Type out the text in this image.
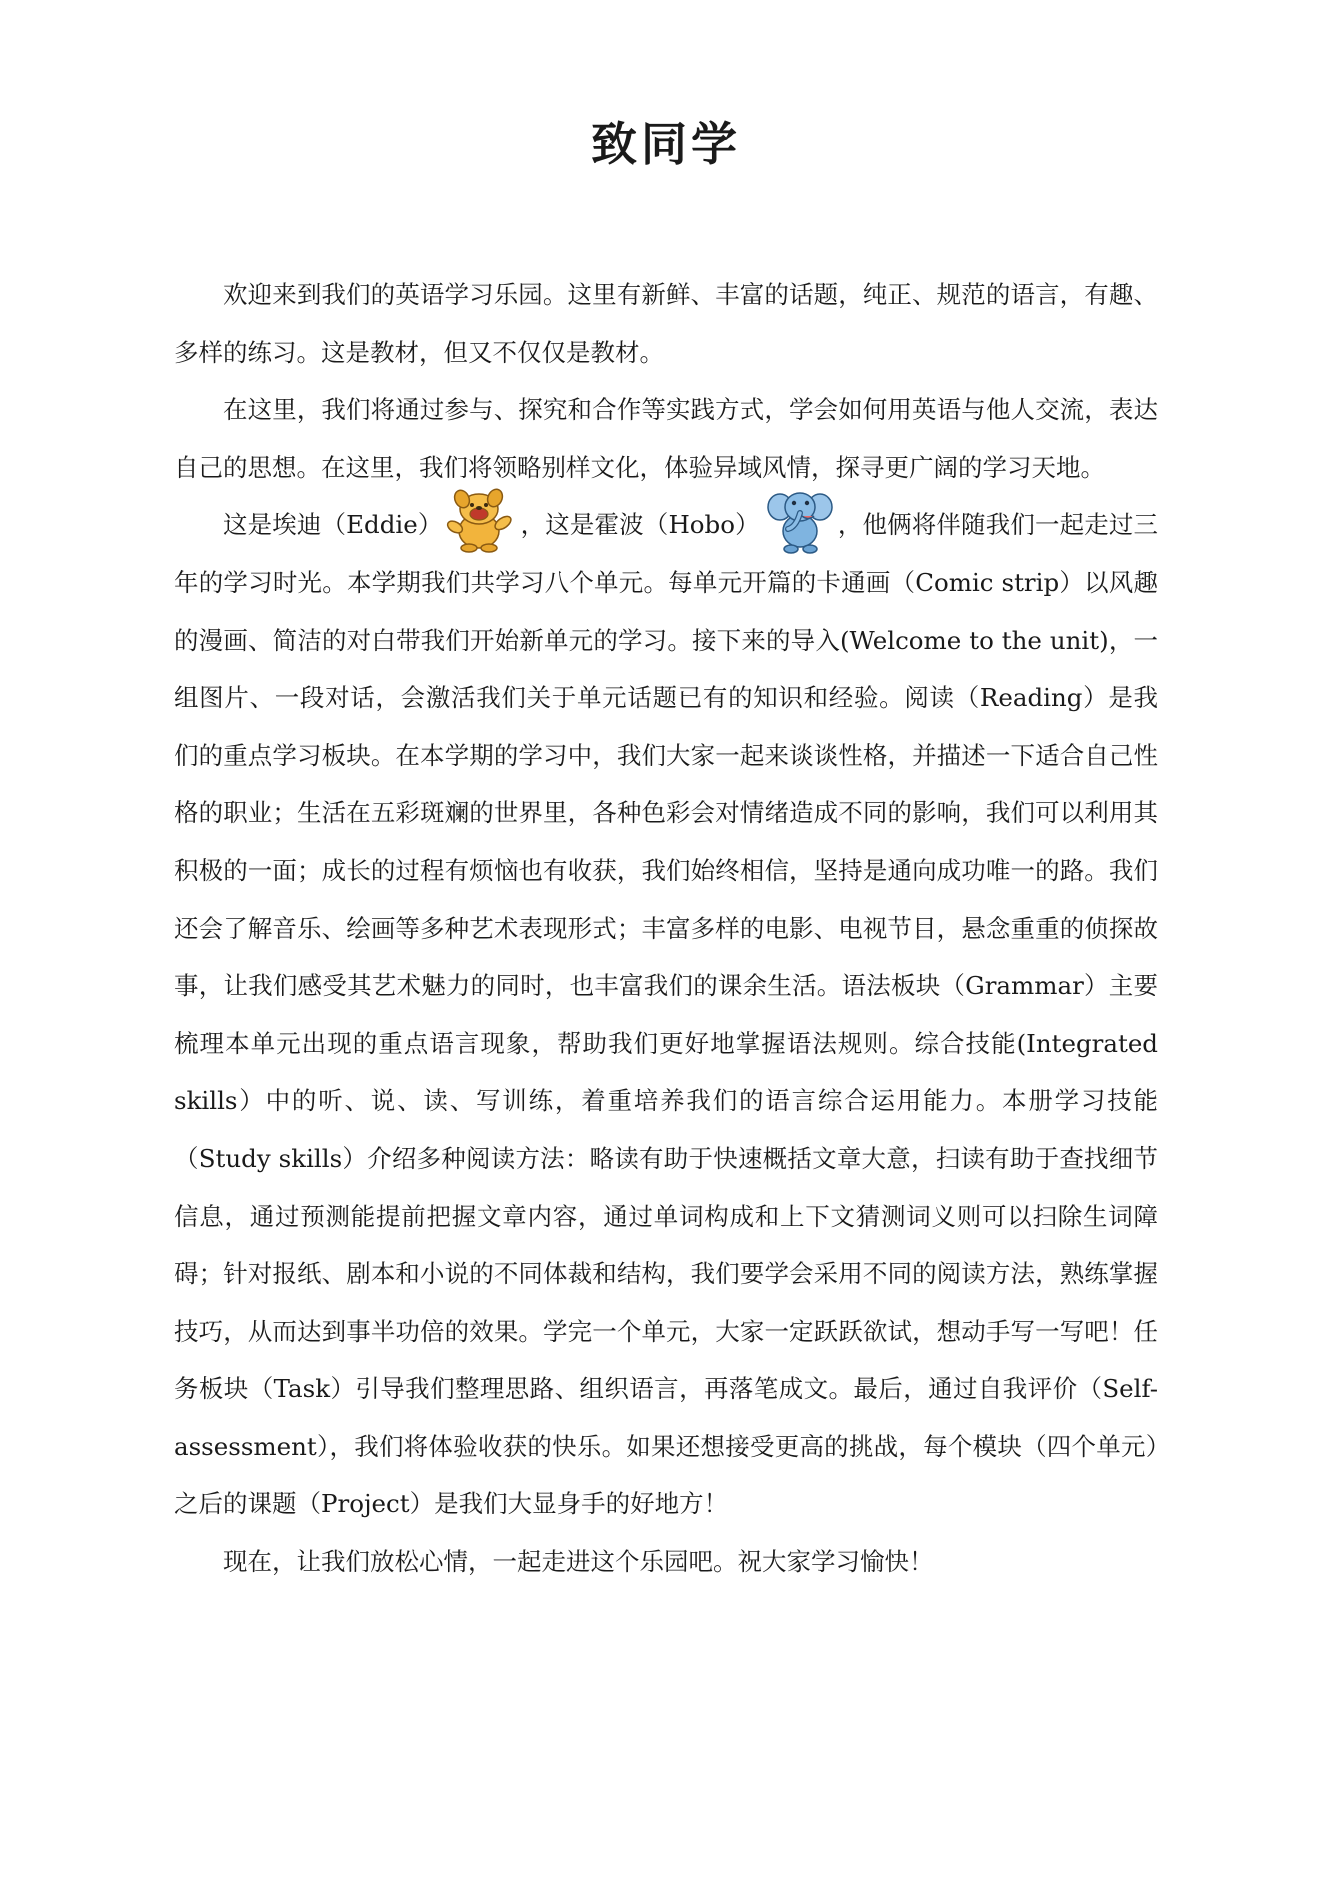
致同学

欢迎来到我们的英语学习乐园。这里有新鲜、丰富的话题，纯正、规范的语言，有趣、多样的练习。这是教材，但又不仅仅是教材。

在这里，我们将通过参与、探究和合作等实践方式，学会如何用英语与他人交流，表达自己的思想。在这里，我们将领略别样文化，体验异域风情，探寻更广阔的学习天地。

这是埃迪（Eddie）	，这是霍波（Hobo）	，他俩将伴随我们一起走过三年的学习时光。本学期我们共学习八个单元。每单元开篇的卡通画（Comic strip）以风趣的漫画、简洁的对白带我们开始新单元的学习。接下来的导入(Welcome to the unit)，一组图片、一段对话，会激活我们关于单元话题已有的知识和经验。阅读（Reading）是我们的重点学习板块。在本学期的学习中，我们大家一起来谈谈性格，并描述一下适合自己性格的职业；生活在五彩斑斓的世界里，各种色彩会对情绪造成不同的影响，我们可以利用其积极的一面；成长的过程有烦恼也有收获，我们始终相信，坚持是通向成功唯一的路。我们还会了解音乐、绘画等多种艺术表现形式；丰富多样的电影、电视节目，悬念重重的侦探故事，让我们感受其艺术魅力的同时，也丰富我们的课余生活。语法板块（Grammar）主要梳理本单元出现的重点语言现象，帮助我们更好地掌握语法规则。综合技能(Integrated skills）中的听、说、读、写训练，着重培养我们的语言综合运用能力。本册学习技能（Study skills）介绍多种阅读方法：略读有助于快速概括文章大意，扫读有助于查找细节信息，通过预测能提前把握文章内容，通过单词构成和上下文猜测词义则可以扫除生词障碍；针对报纸、剧本和小说的不同体裁和结构，我们要学会采用不同的阅读方法，熟练掌握技巧，从而达到事半功倍的效果。学完一个单元，大家一定跃跃欲试，想动手写一写吧！任务板块（Task）引导我们整理思路、组织语言，再落笔成文。最后，通过自我评价（Self-assessment），我们将体验收获的快乐。如果还想接受更高的挑战，每个模块（四个单元）之后的课题（Project）是我们大显身手的好地方！

现在，让我们放松心情，一起走进这个乐园吧。祝大家学习愉快！
